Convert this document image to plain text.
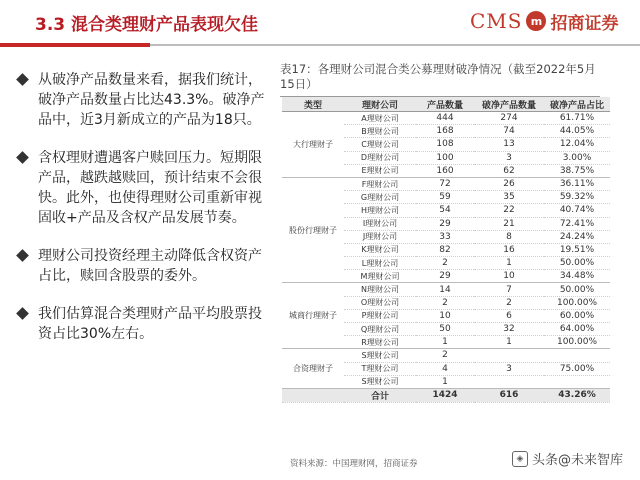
3.3 混合类理财产品表现欠佳	CMS m 招商证券
从破净产品数量来看，据我们统计，破净产品数量占比达43.3%。破净产品中，近3月新成立的产品为18只。
含权理财遭遇客户赎回压力。短期限产品，越跌越赎回，预计结束不会很快。此外，也使得理财公司重新审视固收+产品及含权产品发展节奏。
理财公司投资经理主动降低含权资产占比，赎回含股票的委外。
我们估算混合类理财产品平均股票投资占比30%左右。
表17：各理财公司混合类公募理财破净情况（截至2022年5月15日）
类型	理财公司	产品数量	破净产品数量	破净产品占比
大行理财子	A理财公司	444	274	61.71%
	B理财公司	168	74	44.05%
	C理财公司	108	13	12.04%
	D理财公司	100	3	3.00%
	E理财公司	160	62	38.75%
股份行理财子	F理财公司	72	26	36.11%
	G理财公司	59	35	59.32%
	H理财公司	54	22	40.74%
	I理财公司	29	21	72.41%
	J理财公司	33	8	24.24%
	K理财公司	82	16	19.51%
	L理财公司	2	1	50.00%
	M理财公司	29	10	34.48%
城商行理财子	N理财公司	14	7	50.00%
	O理财公司	2	2	100.00%
	P理财公司	10	6	60.00%
	Q理财公司	50	32	64.00%
	R理财公司	1	1	100.00%
合资理财子	S理财公司	2		
	T理财公司	4	3	75.00%
	S理财公司	1		
	合计	1424	616	43.26%
资料来源：中国理财网，招商证券
◈ 头条@未来智库
